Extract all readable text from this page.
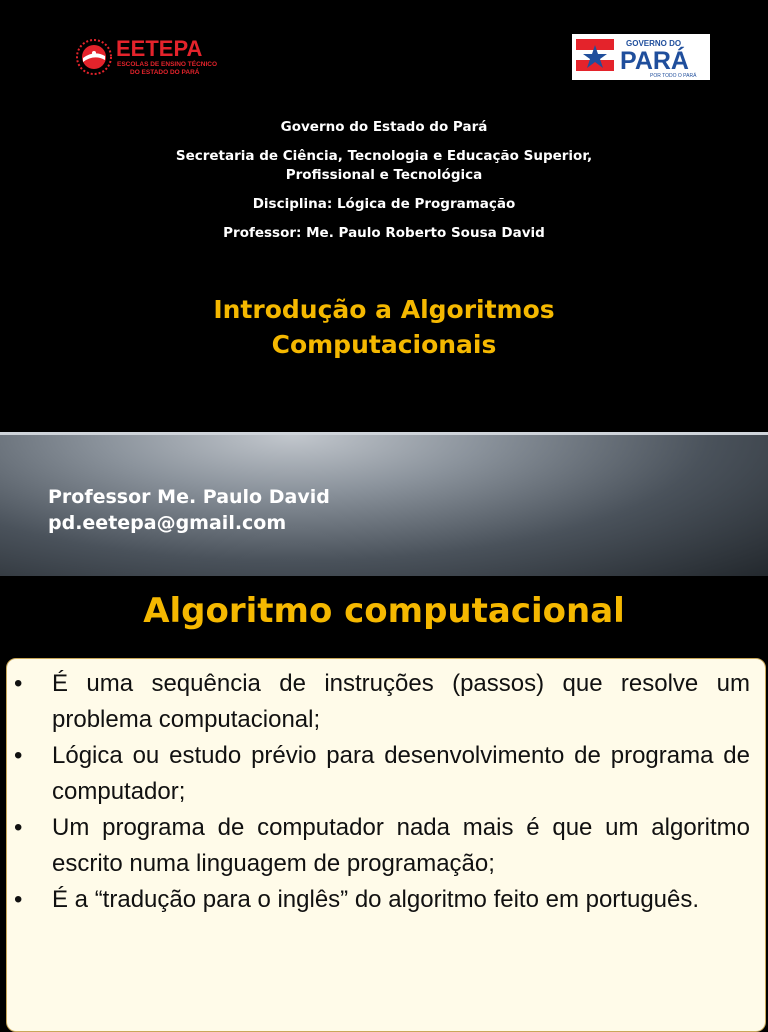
EETEPA
ESCOLAS DE ENSINO TÉCNICO
DO ESTADO DO PARÁ
GOVERNO DO
PARÁ
POR TODO O PARÁ
Governo do Estado do Pará
Secretaria de Ciência, Tecnologia e Educação Superior,
Profissional e Tecnológica
Disciplina: Lógica de Programação
Professor: Me. Paulo Roberto Sousa David
Introdução a Algoritmos
Computacionais
Professor Me. Paulo David
pd.eetepa@gmail.com
Algoritmo computacional
• É uma sequência de instruções (passos) que resolve um problema computacional;
• Lógica ou estudo prévio para desenvolvimento de programa de computador;
• Um programa de computador nada mais é que um algoritmo escrito numa linguagem de programação;
• É a “tradução para o inglês” do algoritmo feito em português.
